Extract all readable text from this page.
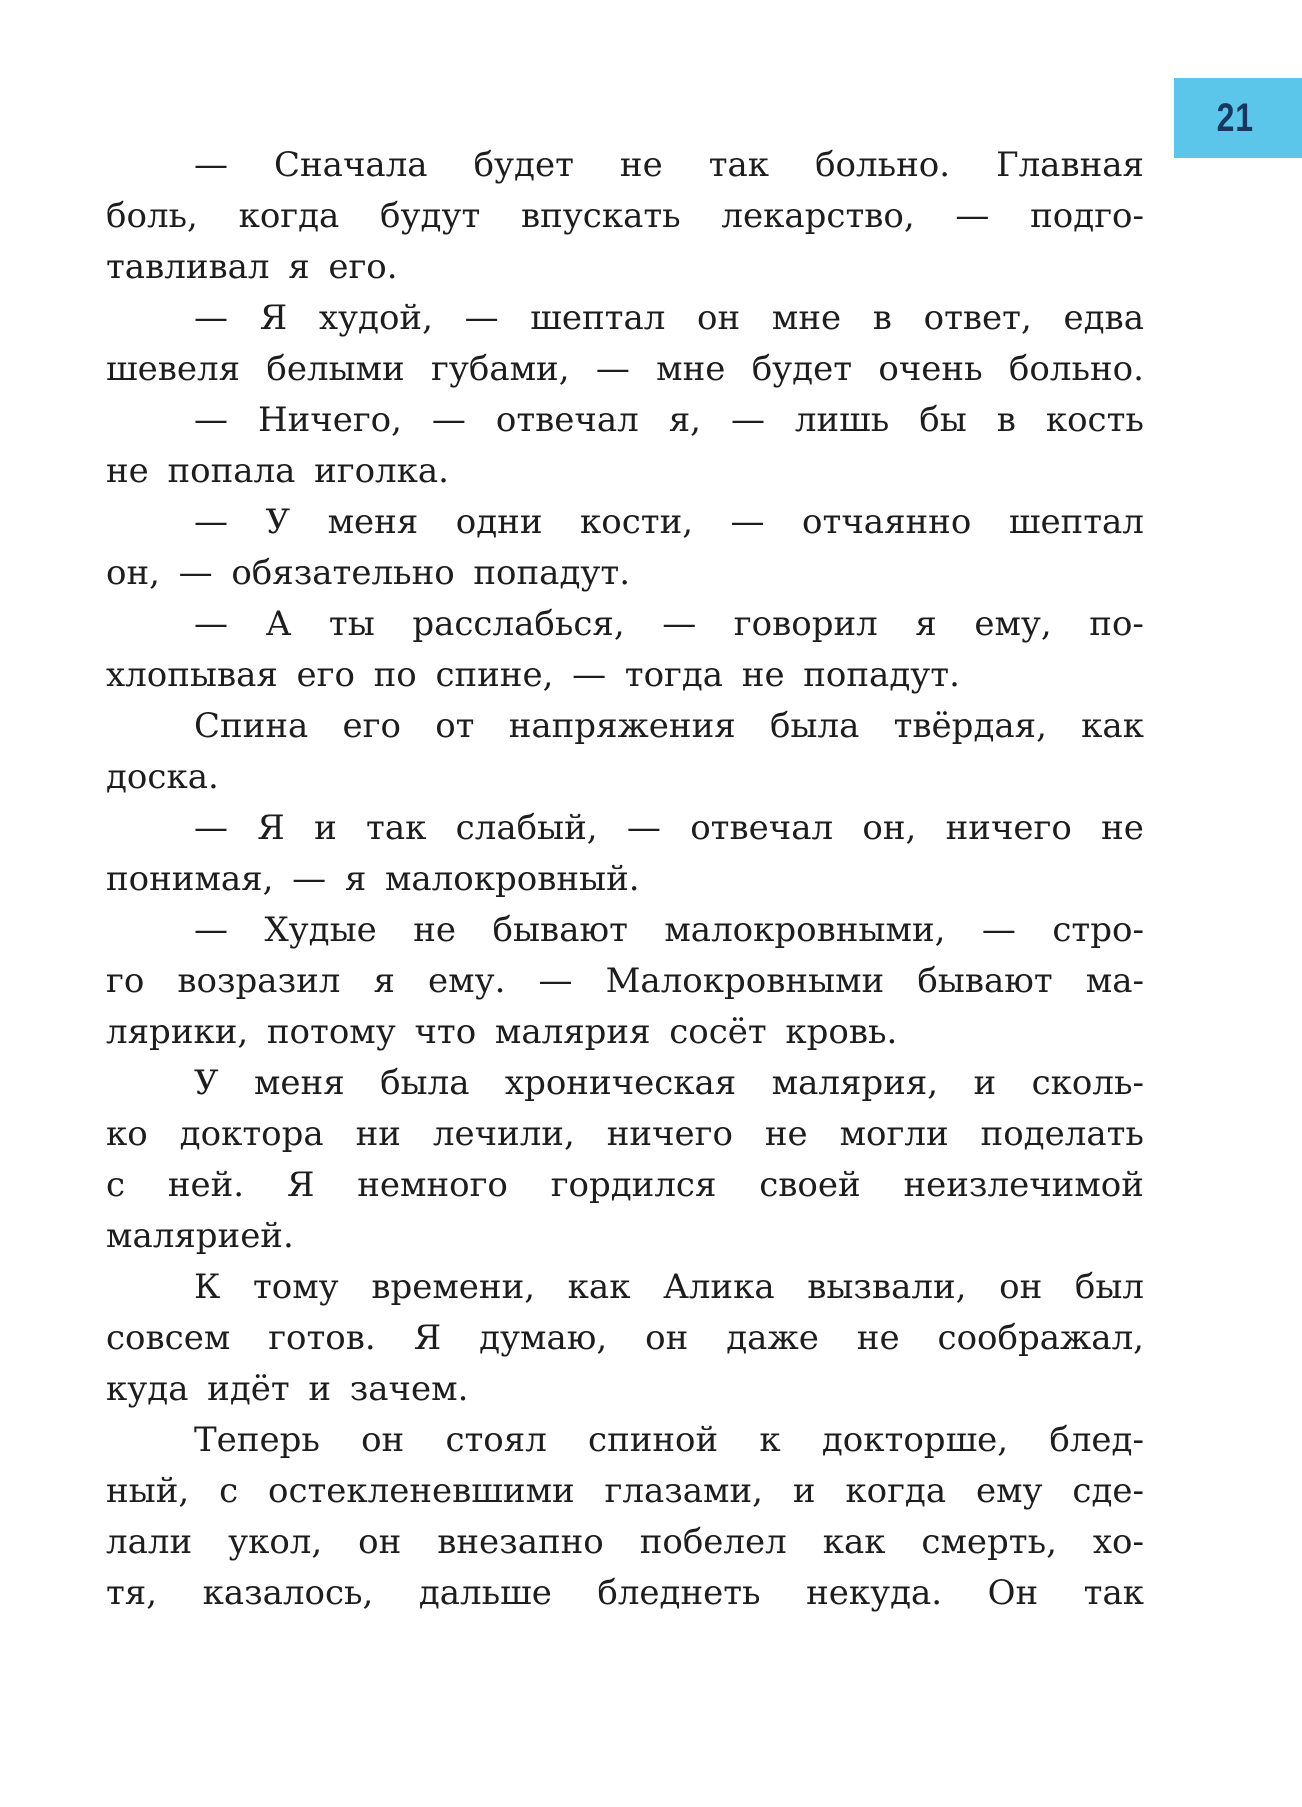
21
— Сначала будет не так больно. Главная
боль, когда будут впускать лекарство, — подго-
тавливал я его.
— Я худой, — шептал он мне в ответ, едва
шевеля белыми губами, — мне будет очень больно.
— Ничего, — отвечал я, — лишь бы в кость
не попала иголка.
— У меня одни кости, — отчаянно шептал
он, — обязательно попадут.
— А ты расслабься, — говорил я ему, по-
хлопывая его по спине, — тогда не попадут.
Спина его от напряжения была твёрдая, как
доска.
— Я и так слабый, — отвечал он, ничего не
понимая, — я малокровный.
— Худые не бывают малокровными, — стро-
го возразил я ему. — Малокровными бывают ма-
лярики, потому что малярия сосёт кровь.
У меня была хроническая малярия, и сколь-
ко доктора ни лечили, ничего не могли поделать
с ней. Я немного гордился своей неизлечимой
малярией.
К тому времени, как Алика вызвали, он был
совсем готов. Я думаю, он даже не соображал,
куда идёт и зачем.
Теперь он стоял спиной к докторше, блед-
ный, с остекленевшими глазами, и когда ему сде-
лали укол, он внезапно побелел как смерть, хо-
тя, казалось, дальше бледнеть некуда. Он так
